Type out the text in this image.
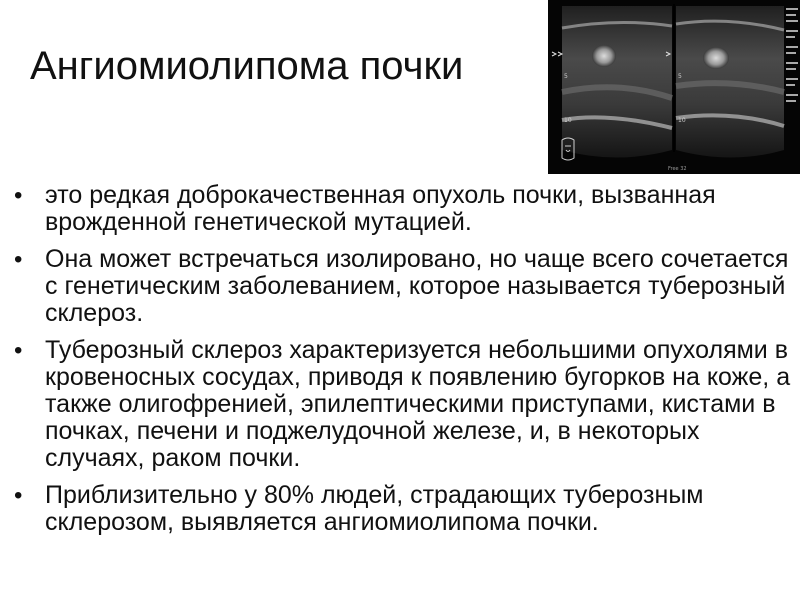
Ангиомиолипома почки	5
10
5
10
Free 32
• это редкая доброкачественная опухоль почки, вызванная врожденной генетической мутацией.
• Она может встречаться изолировано, но чаще всего сочетается с генетическим заболеванием, которое называется туберозный склероз.
• Туберозный склероз характеризуется небольшими опухолями в кровеносных сосудах, приводя к появлению бугорков на коже, а также олигофренией, эпилептическими приступами, кистами в почках, печени и поджелудочной железе, и, в некоторых случаях, раком почки.
• Приблизительно у 80% людей, страдающих туберозным склерозом, выявляется ангиомиолипома почки.
